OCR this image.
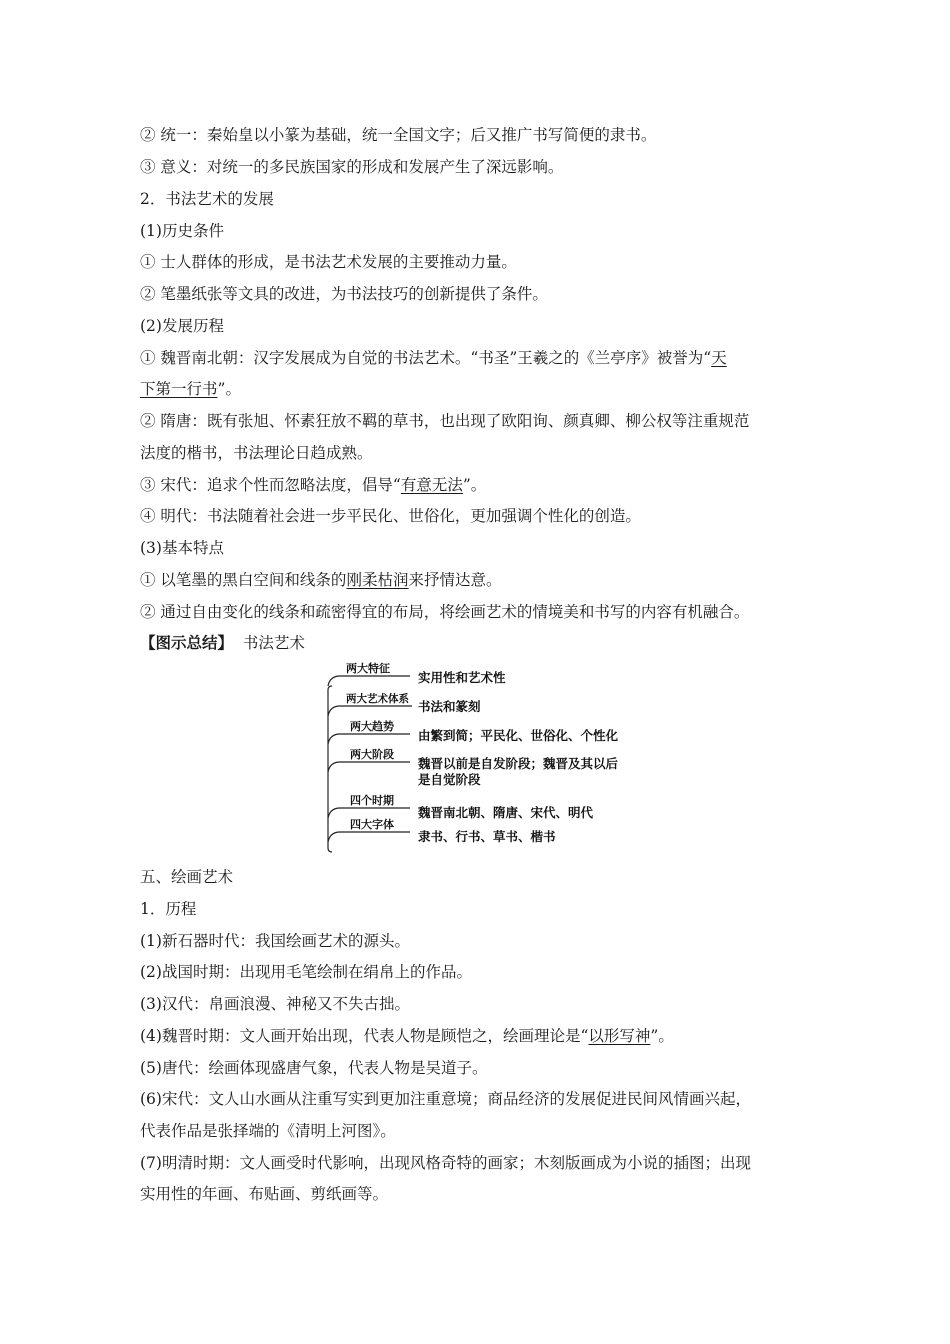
② 统一：秦始皇以小篆为基础，统一全国文字；后又推广书写简便的隶书。
③ 意义：对统一的多民族国家的形成和发展产生了深远影响。
2．书法艺术的发展
(1)历史条件
① 士人群体的形成，是书法艺术发展的主要推动力量。
② 笔墨纸张等文具的改进，为书法技巧的创新提供了条件。
(2)发展历程
① 魏晋南北朝：汉字发展成为自觉的书法艺术。“书圣”王羲之的《兰亭序》被誉为“天
下第一行书”。
② 隋唐：既有张旭、怀素狂放不羁的草书，也出现了欧阳询、颜真卿、柳公权等注重规范
法度的楷书，书法理论日趋成熟。
③ 宋代：追求个性而忽略法度，倡导“有意无法”。
④ 明代：书法随着社会进一步平民化、世俗化，更加强调个性化的创造。
(3)基本特点
① 以笔墨的黑白空间和线条的刚柔枯润来抒情达意。
② 通过自由变化的线条和疏密得宜的布局，将绘画艺术的情境美和书写的内容有机融合。
【图示总结】 书法艺术
两大特征
实用性和艺术性
两大艺术体系 书法和篆刻
两大趋势
由繁到简；平民化、世俗化、个性化
两大阶段
魏晋以前是自发阶段；魏晋及其以后
是自觉阶段
四个时期
魏晋南北朝、隋唐、宋代、明代
四大字体
隶书、行书、草书、楷书
五、绘画艺术
1．历程
(1)新石器时代：我国绘画艺术的源头。
(2)战国时期：出现用毛笔绘制在绢帛上的作品。
(3)汉代：帛画浪漫、神秘又不失古拙。
(4)魏晋时期：文人画开始出现，代表人物是顾恺之，绘画理论是“以形写神”。
(5)唐代：绘画体现盛唐气象，代表人物是吴道子。
(6)宋代：文人山水画从注重写实到更加注重意境；商品经济的发展促进民间风情画兴起，
代表作品是张择端的《清明上河图》。
(7)明清时期：文人画受时代影响，出现风格奇特的画家；木刻版画成为小说的插图；出现
实用性的年画、布贴画、剪纸画等。
